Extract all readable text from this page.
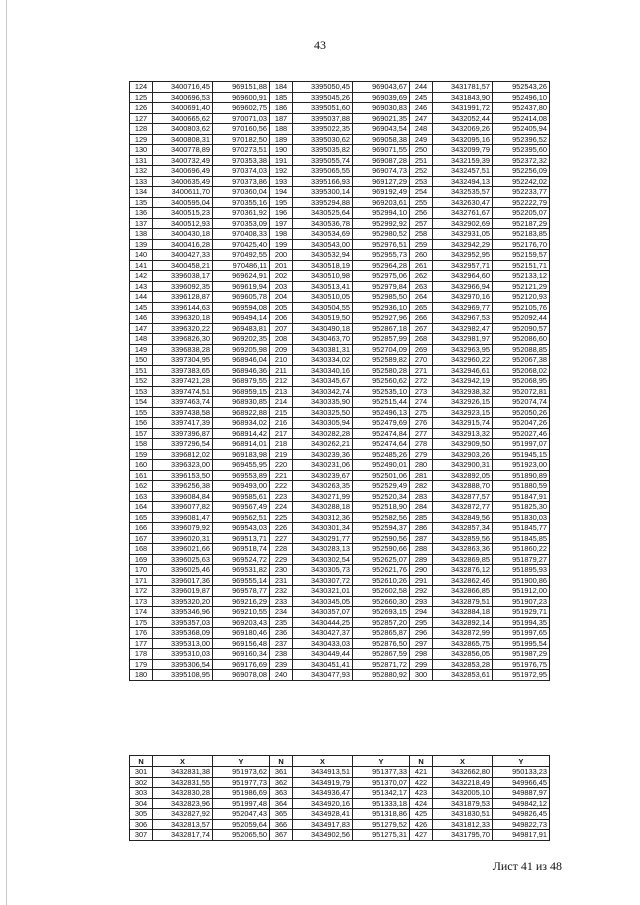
43
124	3400716,45	969151,88	184	3395050,45	969043,67	244	3431781,57	952543,26
125	3400696,53	969600,91	185	3395045,26	969039,69	245	3431843,90	952496,10
126	3400691,40	969602,75	186	3395051,60	969030,83	246	3431991,72	952437,80
127	3400665,62	970071,03	187	3395037,88	969021,35	247	3432052,44	952414,08
128	3400803,62	970160,56	188	3395022,35	969043,54	248	3432069,26	952405,94
129	3400808,31	970182,50	189	3395030,62	969058,38	249	3432095,16	952396,52
130	3400778,89	970273,51	190	3395035,82	969071,55	250	3432099,79	952395,60
131	3400732,49	970353,38	191	3395055,74	969087,28	251	3432159,39	952372,32
132	3400696,49	970374,03	192	3395065,55	969074,73	252	3432457,51	952256,09
133	3400635,49	970373,86	193	3395166,93	969127,29	253	3432494,13	952242,02
134	3400611,70	970360,04	194	3395300,14	969192,49	254	3432535,57	952233,77
135	3400595,04	970355,16	195	3395294,88	969203,61	255	3432630,47	952222,79
136	3400515,23	970361,92	196	3430525,64	952994,10	256	3432761,67	952205,07
137	3400512,93	970353,09	197	3430536,78	952992,92	257	3432902,69	952187,29
138	3400430,18	970408,33	198	3430534,69	952980,52	258	3432931,05	952183,85
139	3400416,28	970425,40	199	3430543,00	952976,51	259	3432942,29	952176,70
140	3400427,33	970492,55	200	3430532,94	952955,73	260	3432952,95	952159,57
141	3400458,21	970486,11	201	3430518,19	952964,28	261	3432957,71	952151,71
142	3396038,17	969624,91	202	3430510,98	952975,06	262	3432964,60	952133,12
143	3396092,35	969619,94	203	3430513,41	952979,84	263	3432966,94	952121,29
144	3396128,87	969605,78	204	3430510,05	952985,50	264	3432970,16	952120,93
145	3396144,63	969594,08	205	3430504,55	952936,10	265	3432969,77	952105,76
146	3396320,18	969494,14	206	3430519,50	952927,96	266	3432967,53	952092,44
147	3396320,22	969483,81	207	3430490,18	952867,18	267	3432982,47	952090,57
148	3396826,30	969202,35	208	3430463,70	952857,99	268	3432981,97	952086,60
149	3396838,28	969205,98	209	3430381,31	952704,09	269	3432963,95	952088,85
150	3397304,95	968946,04	210	3430334,02	952589,82	270	3432960,22	952067,38
151	3397383,65	968946,36	211	3430340,16	952580,28	271	3432946,61	952068,02
152	3397421,28	968979,55	212	3430345,67	952560,62	272	3432942,19	952068,95
153	3397474,51	968959,15	213	3430342,74	952535,10	273	3432938,32	952072,81
154	3397463,74	968930,85	214	3430335,90	952515,44	274	3432926,15	952074,74
155	3397438,58	968922,88	215	3430325,50	952496,13	275	3432923,15	952050,26
156	3397417,39	968934,02	216	3430305,94	952479,69	276	3432915,74	952047,26
157	3397396,87	968914,42	217	3430282,28	952474,84	277	3432913,32	952027,46
158	3397296,54	968914,01	218	3430262,21	952474,64	278	3432909,50	951997,07
159	3396812,02	969183,98	219	3430239,36	952485,26	279	3432903,26	951945,15
160	3396323,00	969455,95	220	3430231,06	952490,01	280	3432900,31	951923,00
161	3396153,50	969553,89	221	3430239,67	952501,06	281	3432892,05	951890,89
162	3396256,38	969493,00	222	3430263,35	952529,49	282	3432888,70	951880,59
163	3396084,84	969585,61	223	3430271,99	952520,34	283	3432877,57	951847,91
164	3396077,82	969567,49	224	3430288,18	952518,90	284	3432872,77	951825,30
165	3396081,47	969562,51	225	3430312,36	952582,56	285	3432849,56	951830,03
166	3396079,92	969543,03	226	3430301,34	952594,37	286	3432857,34	951845,77
167	3396020,31	969513,71	227	3430291,77	952590,56	287	3432859,56	951845,85
168	3396021,66	969518,74	228	3430283,13	952590,66	288	3432863,36	951860,22
169	3396025,63	969524,72	229	3430302,54	952625,07	289	3432869,85	951879,27
170	3396025,46	969531,82	230	3430305,73	952621,76	290	3432876,12	951895,93
171	3396017,36	969555,14	231	3430307,72	952610,26	291	3432862,46	951900,86
172	3396019,87	969578,77	232	3430321,01	952602,58	292	3432866,85	951912,00
173	3395320,20	969216,29	233	3430345,05	952660,30	293	3432879,51	951907,23
174	3395346,96	969210,55	234	3430357,07	952693,15	294	3432884,18	951929,71
175	3395357,03	969203,43	235	3430444,25	952857,20	295	3432892,14	951994,35
176	3395368,09	969180,46	236	3430427,37	952865,87	296	3432872,99	951997,65
177	3395313,00	969156,48	237	3430433,03	952876,50	297	3432865,75	951995,54
178	3395310,03	969160,34	238	3430449,44	952867,59	298	3432856,05	951987,29
179	3395306,54	969176,69	239	3430451,41	952871,72	299	3432853,28	951976,75
180	3395108,95	969078,08	240	3430477,93	952880,92	300	3432853,61	951972,95
N	X	Y	N	X	Y	N	X	Y
301	3432831,38	951973,62	361	3434913,51	951377,33	421	3432662,80	950133,23
302	3432831,55	951977,73	362	3434919,79	951370,07	422	3432218,49	949966,45
303	3432830,28	951986,69	363	3434936,47	951342,17	423	3432005,10	949887,97
304	3432823,96	951997,48	364	3434920,16	951333,18	424	3431879,53	949842,12
305	3432827,92	952047,43	365	3434928,41	951318,86	425	3431830,51	949826,45
306	3432813,57	952059,64	366	3434917,83	951279,52	426	3431812,33	949822,73
307	3432817,74	952065,50	367	3434902,56	951275,31	427	3431795,70	949817,91
Лист 41 из 48
